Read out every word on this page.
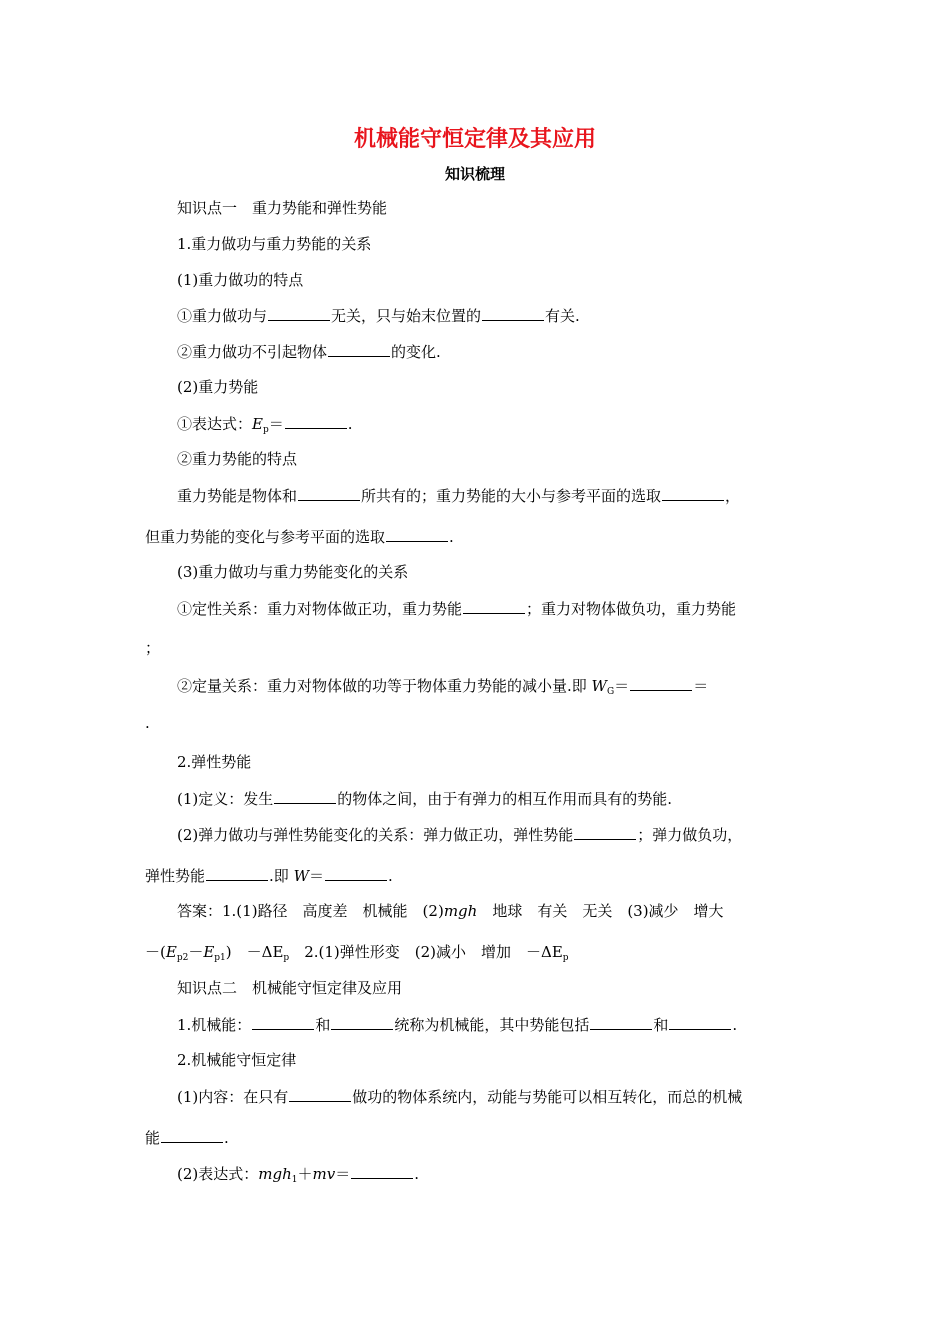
机械能守恒定律及其应用
知识梳理
知识点一　重力势能和弹性势能
1.重力做功与重力势能的关系
(1)重力做功的特点
①重力做功与	无关，只与始末位置的	有关.
②重力做功不引起物体	的变化.
(2)重力势能
①表达式：$E_p=$	.
②重力势能的特点
重力势能是物体和	所共有的；重力势能的大小与参考平面的选取	，
但重力势能的变化与参考平面的选取	.
(3)重力做功与重力势能变化的关系
①定性关系：重力对物体做正功，重力势能	；重力对物体做负功，重力势能
；
②定量关系：重力对物体做的功等于物体重力势能的减小量.即 $W_G=$	＝
.
2.弹性势能
(1)定义：发生	的物体之间，由于有弹力的相互作用而具有的势能.
(2)弹力做功与弹性势能变化的关系：弹力做正功，弹性势能	；弹力做负功，
弹性势能	.即 W＝	.
答案：1.(1)路径　高度差　机械能　(2)mgh　地球　有关　无关　(3)减少　增大
$-(E_{p2}-E_{p1})$　$-\Delta E_p$　2.(1)弹性形变　(2)减小　增加　$-\Delta E_p$
知识点二　机械能守恒定律及应用
1.机械能：	和	统称为机械能，其中势能包括	和	.
2.机械能守恒定律
(1)内容：在只有	做功的物体系统内，动能与势能可以相互转化，而总的机械
能	.
(2)表达式：mgh$_1$＋mv＝	.
